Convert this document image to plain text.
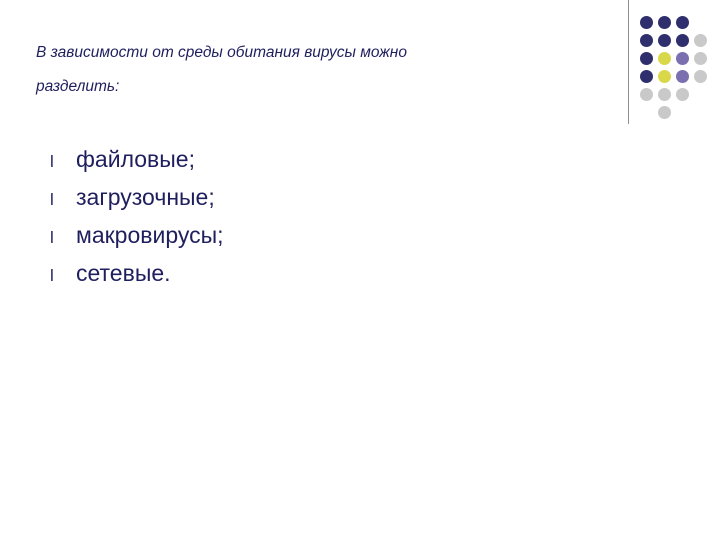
В зависимости от среды обитания вирусы можно
разделить:
l файловые;
l загрузочные;
l макровирусы;
l сетевые.
